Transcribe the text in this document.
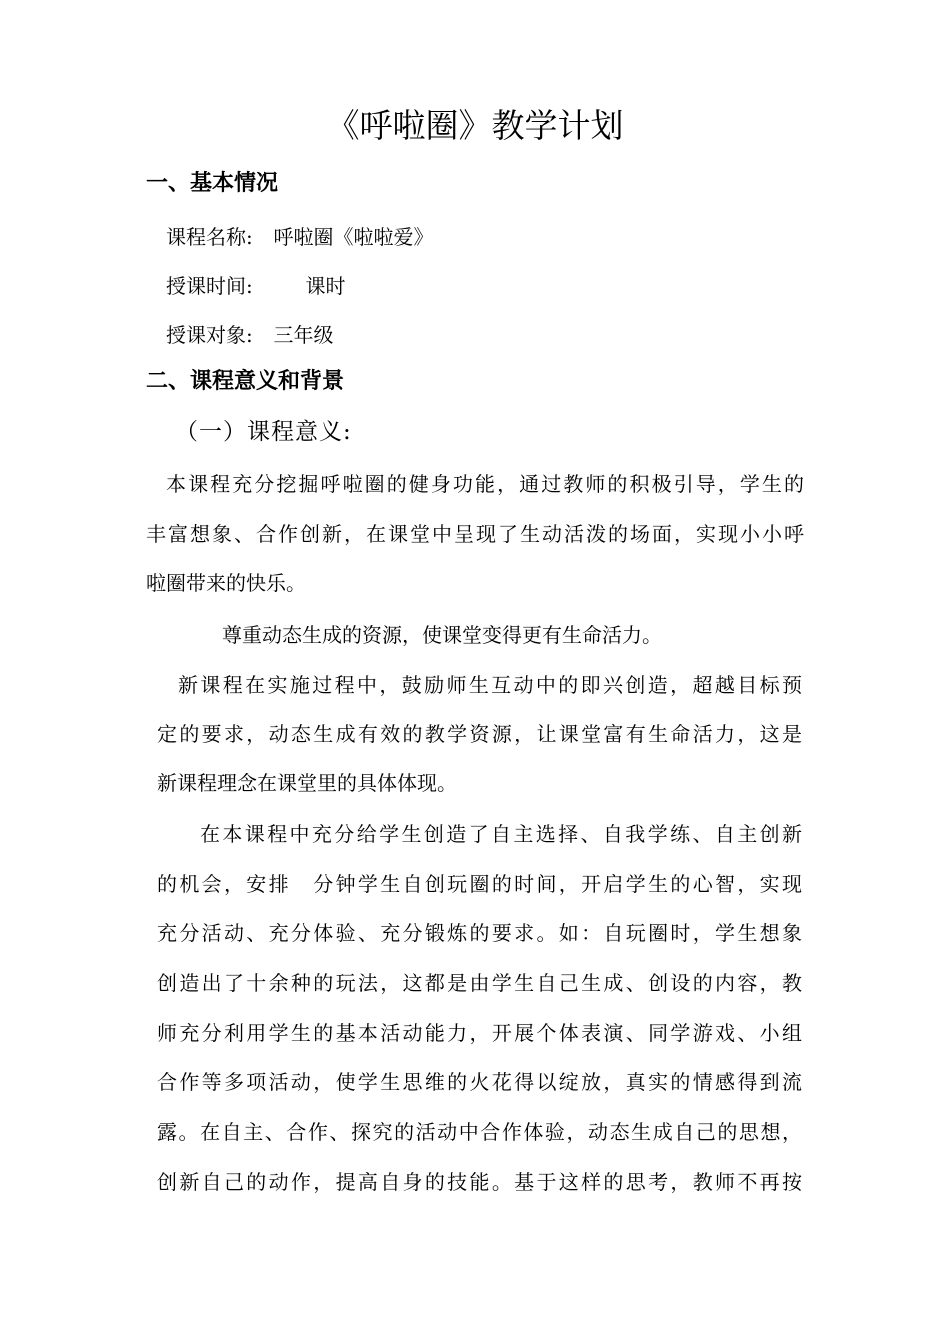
《呼啦圈》教学计划
一、基本情况
课程名称: 呼啦圈《啦啦爱》
授课时间:	课时
授课对象: 三年级
二、课程意义和背景
（一）课程意义:
本课程充分挖掘呼啦圈的健身功能，通过教师的积极引导，学生的
丰富想象、合作创新，在课堂中呈现了生动活泼的场面，实现小小呼
啦圈带来的快乐。
尊重动态生成的资源，使课堂变得更有生命活力。
新课程在实施过程中，鼓励师生互动中的即兴创造，超越目标预
定的要求，动态生成有效的教学资源，让课堂富有生命活力，这是
新课程理念在课堂里的具体体现。
在本课程中充分给学生创造了自主选择、自我学练、自主创新
的机会，安排　分钟学生自创玩圈的时间，开启学生的心智，实现
充分活动、充分体验、充分锻炼的要求。如：自玩圈时，学生想象
创造出了十余种的玩法，这都是由学生自己生成、创设的内容，教
师充分利用学生的基本活动能力，开展个体表演、同学游戏、小组
合作等多项活动，使学生思维的火花得以绽放，真实的情感得到流
露。在自主、合作、探究的活动中合作体验，动态生成自己的思想，
创新自己的动作，提高自身的技能。基于这样的思考，教师不再按
